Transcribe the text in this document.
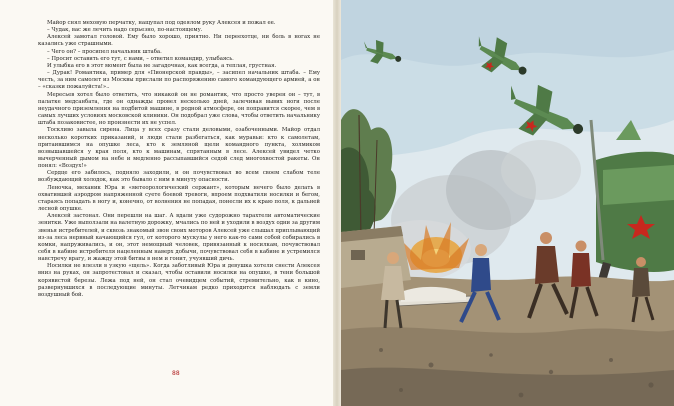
Майор снял меховую перчатку, нащупал под одеялом руку Алексея и пожал ее.

– Чудак, вас же лечить надо серьезно, по-настоящему.

Алексей замотал головой. Ему было хорошо, приятно. Ни переехотце, ни боль в ногах не казались уже страшными.

– Чего он? – просипел начальник штаба.

– Просит оставить его тут, с нами, – ответил командир, улыбаясь.

И улыбка его в этот момент была не загадочная, как всегда, а теплая, грустная.

– Дурак! Романтика, пример для «Пионерской правды», – засипел начальник штаба. – Ему честь, за ним самолет из Москвы прислали по распоряжению самого командующего армией, а он – «сказки пожалуйста!»..

Мересьев хотел было ответить, что никакой он не романтик, что просто уверен он – тут, в палатке медсанбата, где он однажды провел несколько дней, залечивая вывих ноги после неудачного приземления на подбитой машине, в родной атмосфере, он поправится скорее, чем в самых лучших условиях московской клиники. Он подобрал уже слова, чтобы ответить начальнику штаба позаковистее, но произнести их не успел.

Тоскливо завыла сирена. Лица у всех сразу стали деловыми, озабоченными. Майор отдал несколько коротких приказаний, и люди стали разбегаться, как муравьи: кто к самолетам, притаившимся на опушке леса, кто к земляной щели командного пункта, холмиком возвышавшейся у края поля, кто к машинам, спрятанным в лесе. Алексей увидел четко вычерченный дымом на небе и медленно рассыпавшийся седой след многохвостой ракеты. Он понял: «Воздух!»

Сердце его забилось, подняло заходили, и он почувствовал во всем своем слабом теле возбуждающий холодок, как это бывало с ним в минуту опасности.

Леночка, механик Юра и «метеорологический сержант», которым нечего было делать в охватившей аэродром напряженной суете боевой тревоги, впроем подхватили носилки и бегом, стараясь попадать в ногу и, конечно, от волнения не попадая, понесли их к краю поля, к дальней лесной опушке.

Алексей застонал. Они перешли на шаг. А вдали уже судорожно тарахтели автоматические зенитки. Уже выползали на валетную дорожку, мчались по ней и уходили в воздух одни за другим звенья истребителей, и сквозь знакомый звон своих моторов Алексей уже слышал приплывающий из-за леса нервный качающийся гул, от которого мускулы у него как-то сами собой собирались в комки, напруживались, и он, этот немощный человек, привязанный к носилкам, почувствовал себя в кабине истребителя нацеленным наверх добычи, почувствовал себя в кабине и устремился навстречу врагу, и жажду этой битвы в нем и гонит, учуявший дичь.

Носилки не влезли в узкую «щель». Когда заботливый Юра и девушка хотели снести Алексея вниз на руках, он запротестовал и сказал, чтобы оставили носилки на опушке, в тени большой корявистой березы. Лежа под ней, он стал очевидцем событий, стремительно, как в кино, развернувшихся в последующие минуты. Летчикам редко приходится наблюдать с земли воздушный бой.

88
